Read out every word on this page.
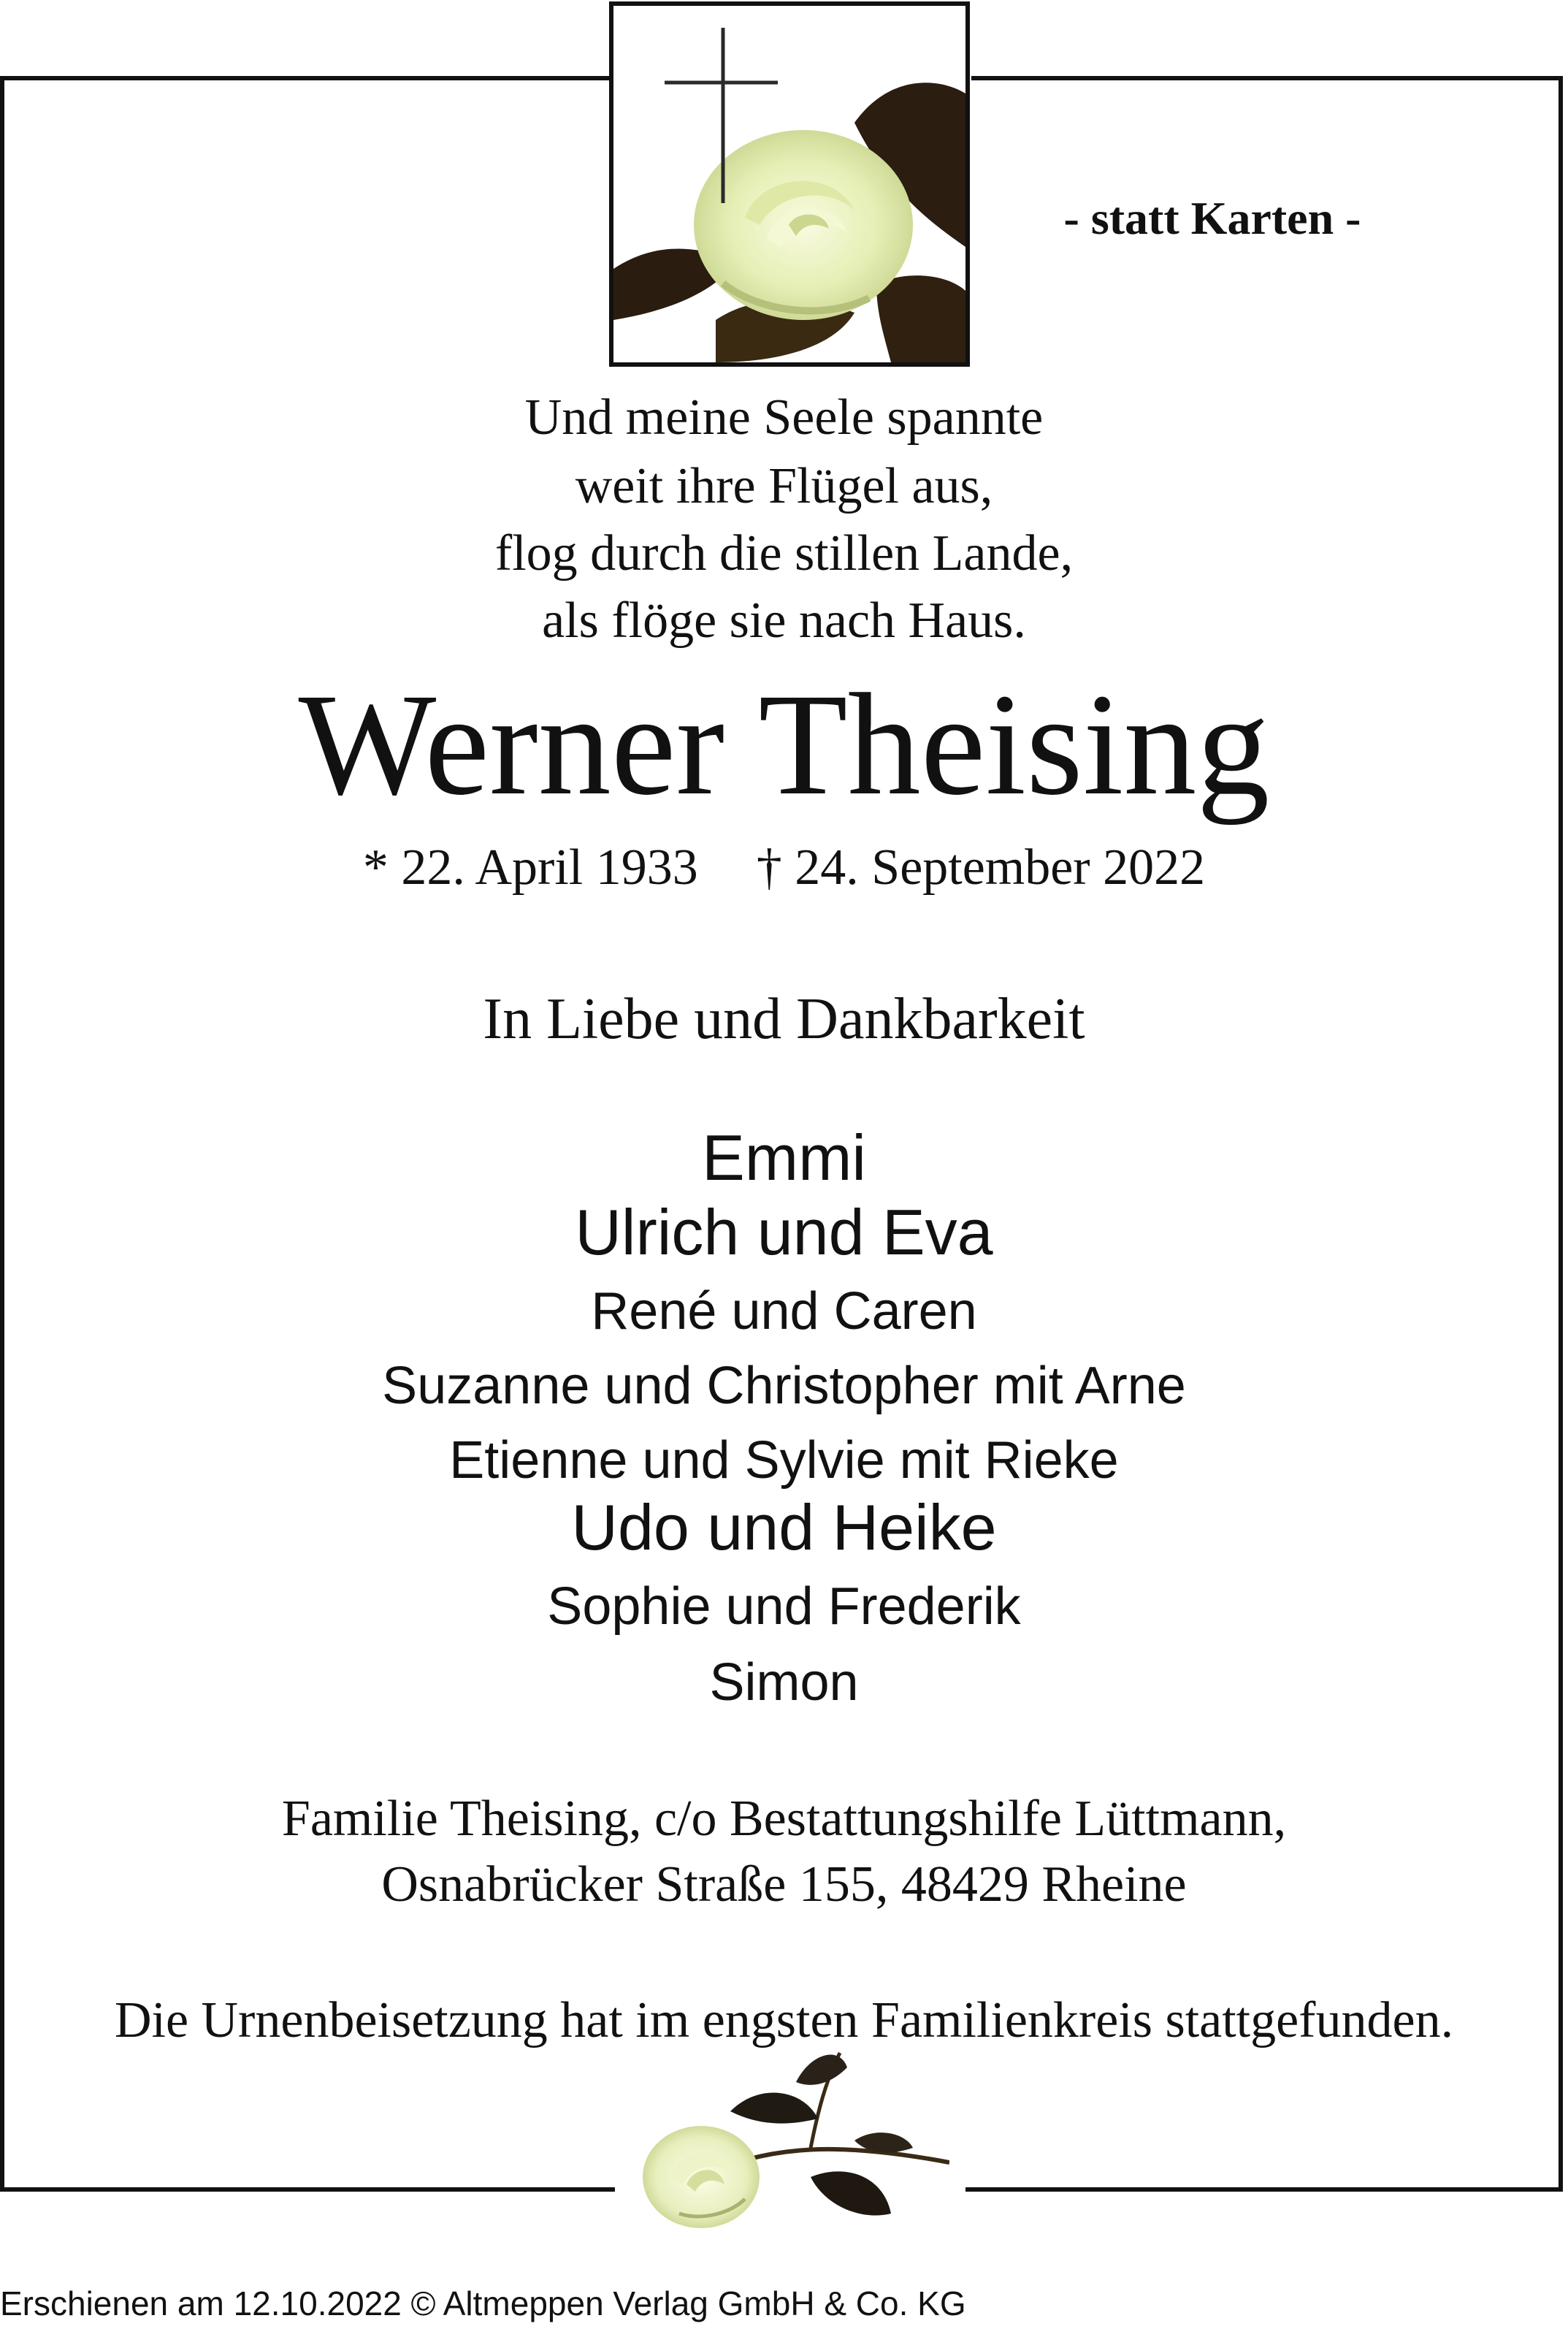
- statt Karten -
Und meine Seele spannte
weit ihre Flügel aus,
flog durch die stillen Lande,
als flöge sie nach Haus.
Werner Theising
* 22. April 1933 † 24. September 2022
In Liebe und Dankbarkeit
Emmi
Ulrich und Eva
René und Caren
Suzanne und Christopher mit Arne
Etienne und Sylvie mit Rieke
Udo und Heike
Sophie und Frederik
Simon
Familie Theising, c/o Bestattungshilfe Lüttmann,
Osnabrücker Straße 155, 48429 Rheine
Die Urnenbeisetzung hat im engsten Familienkreis stattgefunden.
Erschienen am 12.10.2022 © Altmeppen Verlag GmbH & Co. KG
